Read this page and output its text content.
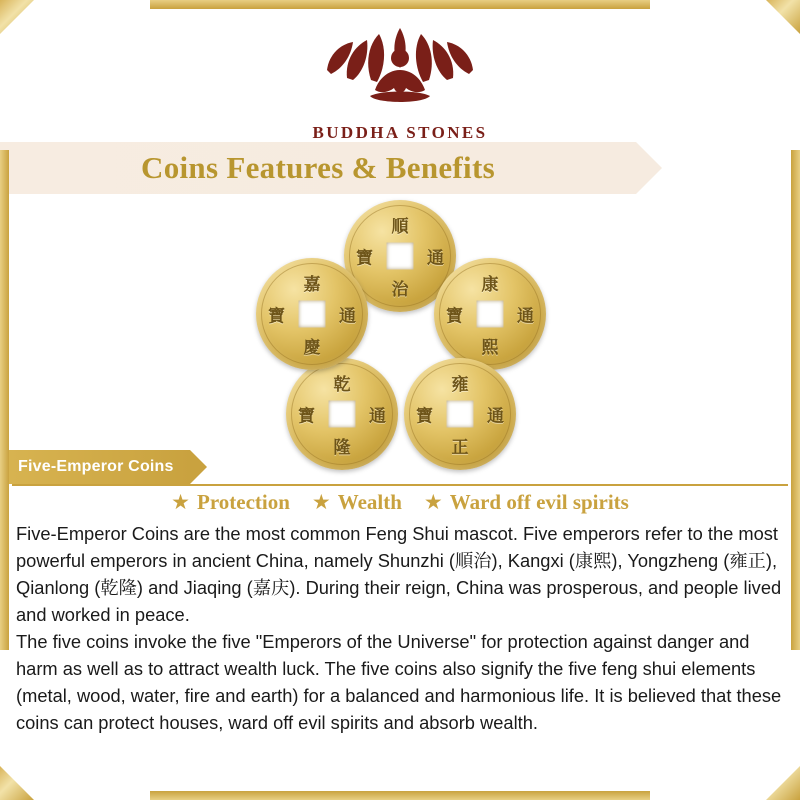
BUDDHA STONES
Coins Features & Benefits
順
通
治
寶
康
通
熙
寶
雍
通
正
寶
乾
通
隆
寶
嘉
通
慶
寶
Five-Emperor Coins
★ Protection ★ Wealth ★ Ward off evil spirits

Five-Emperor Coins are the most common Feng Shui mascot. Five emperors refer to the most powerful emperors in ancient China, namely Shunzhi (順治), Kangxi (康熙), Yongzheng (雍正), Qianlong (乾隆) and Jiaqing (嘉庆). During their reign, China was prosperous, and people lived and worked in peace.

The five coins invoke the five "Emperors of the Universe" for protection against danger and harm as well as to attract wealth luck. The five coins also signify the five feng shui elements (metal, wood, water, fire and earth) for a balanced and harmonious life. It is believed that these coins can protect houses, ward off evil spirits and absorb wealth.
